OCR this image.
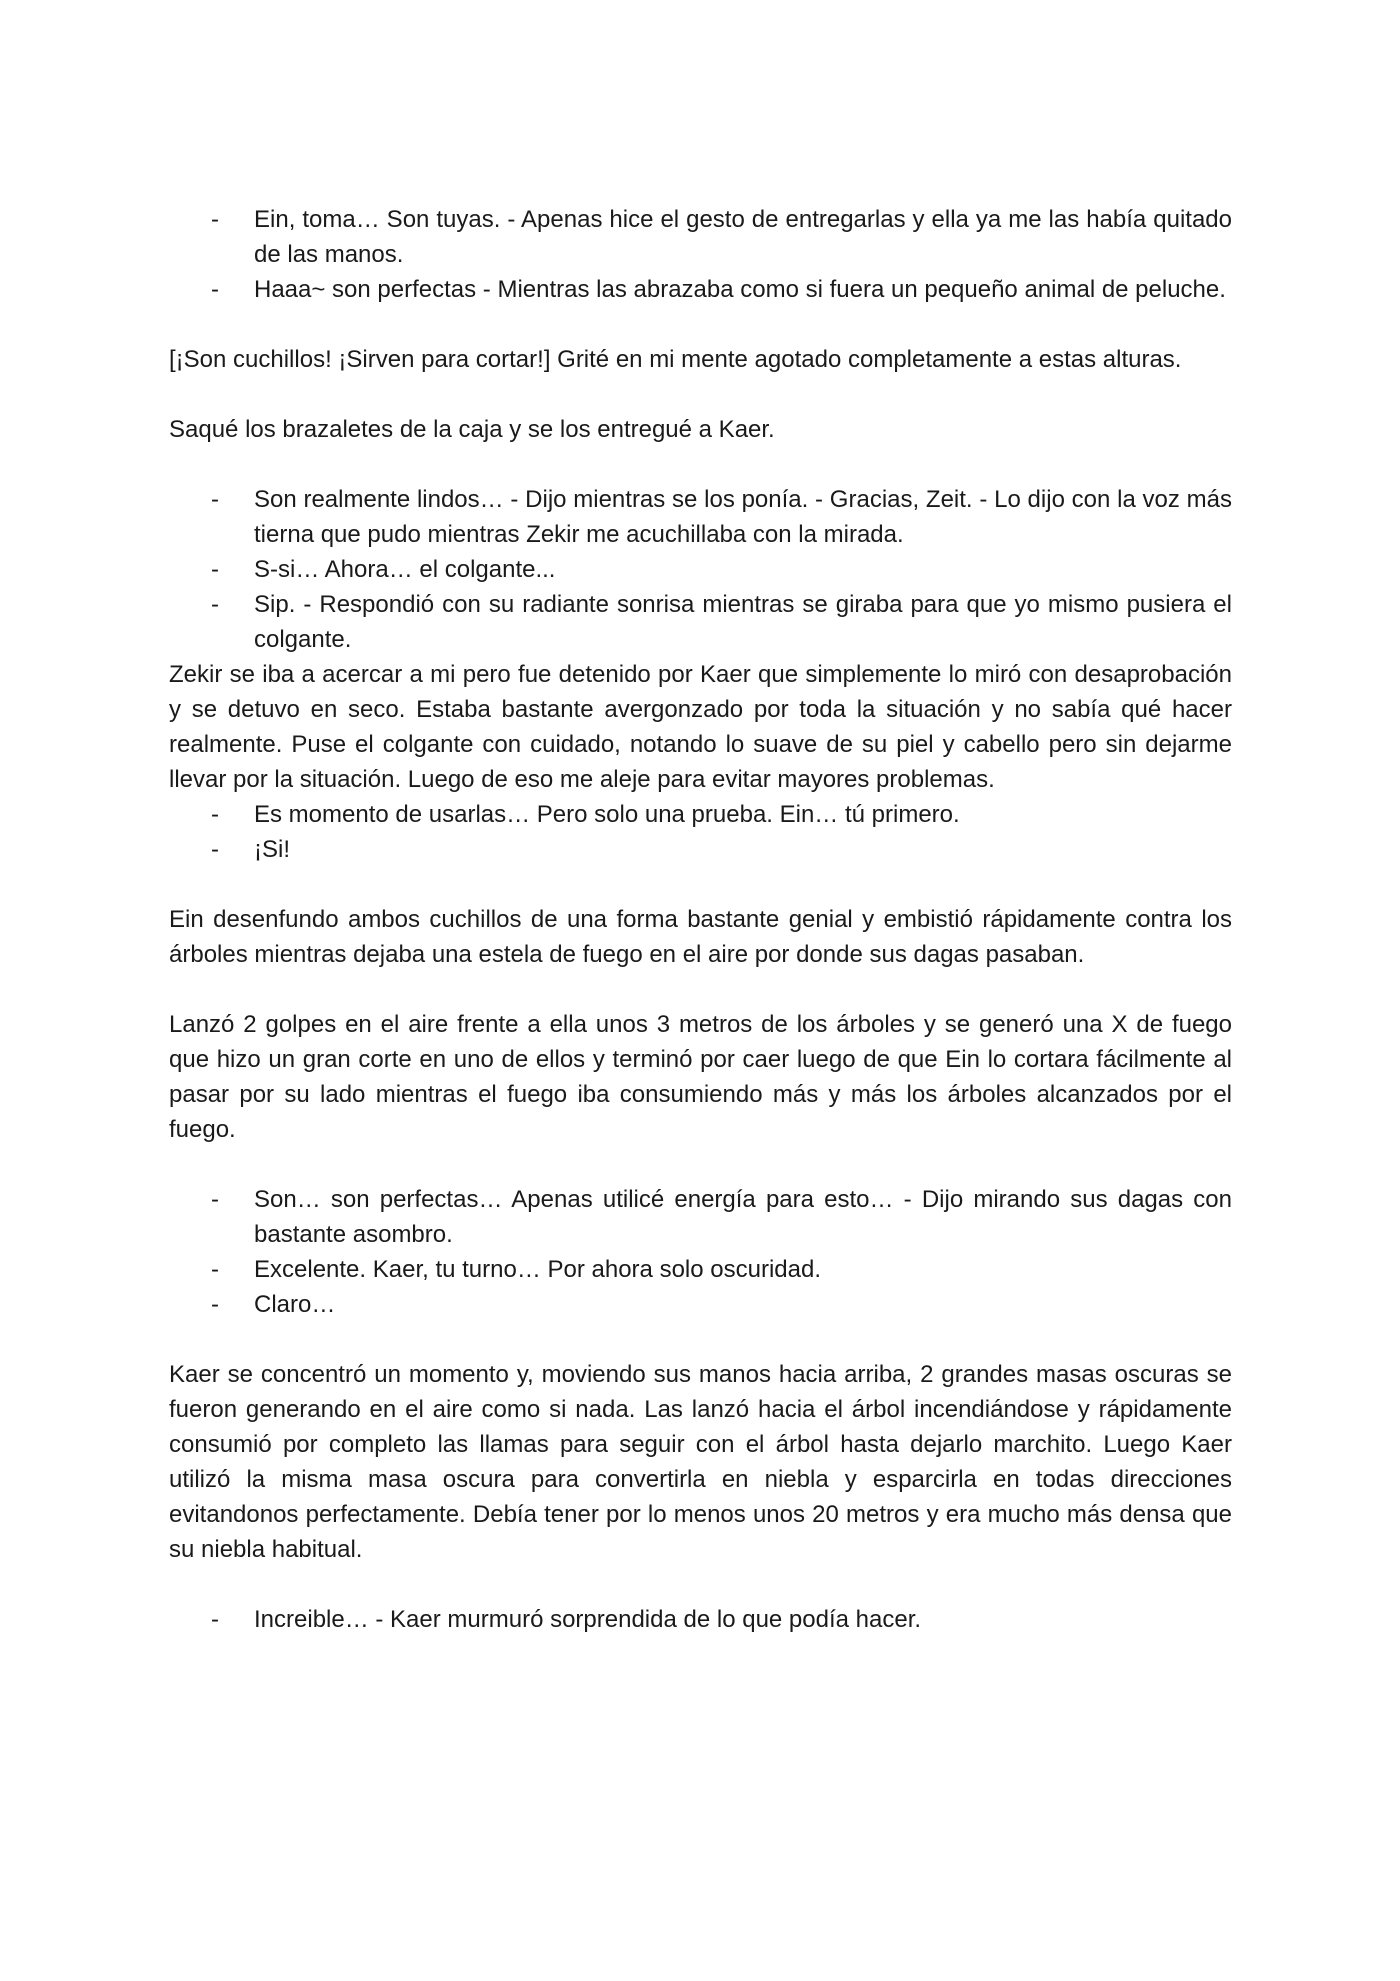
- Ein, toma… Son tuyas. - Apenas hice el gesto de entregarlas y ella ya me las había quitado de las manos.
- Haaa~ son perfectas - Mientras las abrazaba como si fuera un pequeño animal de peluche.

[¡Son cuchillos! ¡Sirven para cortar!] Grité en mi mente agotado completamente a estas alturas.

Saqué los brazaletes de la caja y se los entregué a Kaer.

- Son realmente lindos… - Dijo mientras se los ponía. - Gracias, Zeit. - Lo dijo con la voz más tierna que pudo mientras Zekir me acuchillaba con la mirada.
- S-si… Ahora… el colgante...
- Sip. - Respondió con su radiante sonrisa mientras se giraba para que yo mismo pusiera el colgante.

Zekir se iba a acercar a mi pero fue detenido por Kaer que simplemente lo miró con desaprobación y se detuvo en seco. Estaba bastante avergonzado por toda la situación y no sabía qué hacer realmente. Puse el colgante con cuidado, notando lo suave de su piel y cabello pero sin dejarme llevar por la situación. Luego de eso me aleje para evitar mayores problemas.

- Es momento de usarlas… Pero solo una prueba. Ein… tú primero.
- ¡Si!

Ein desenfundo ambos cuchillos de una forma bastante genial y embistió rápidamente contra los árboles mientras dejaba una estela de fuego en el aire por donde sus dagas pasaban.

Lanzó 2 golpes en el aire frente a ella unos 3 metros de los árboles y se generó una X de fuego que hizo un gran corte en uno de ellos y terminó por caer luego de que Ein lo cortara fácilmente al pasar por su lado mientras el fuego iba consumiendo más y más los árboles alcanzados por el fuego.

- Son… son perfectas… Apenas utilicé energía para esto… - Dijo mirando sus dagas con bastante asombro.
- Excelente. Kaer, tu turno… Por ahora solo oscuridad.
- Claro…

Kaer se concentró un momento y, moviendo sus manos hacia arriba, 2 grandes masas oscuras se fueron generando en el aire como si nada. Las lanzó hacia el árbol incendiándose y rápidamente consumió por completo las llamas para seguir con el árbol hasta dejarlo marchito. Luego Kaer utilizó la misma masa oscura para convertirla en niebla y esparcirla en todas direcciones evitandonos perfectamente. Debía tener por lo menos unos 20 metros y era mucho más densa que su niebla habitual.

- Increible… - Kaer murmuró sorprendida de lo que podía hacer.
